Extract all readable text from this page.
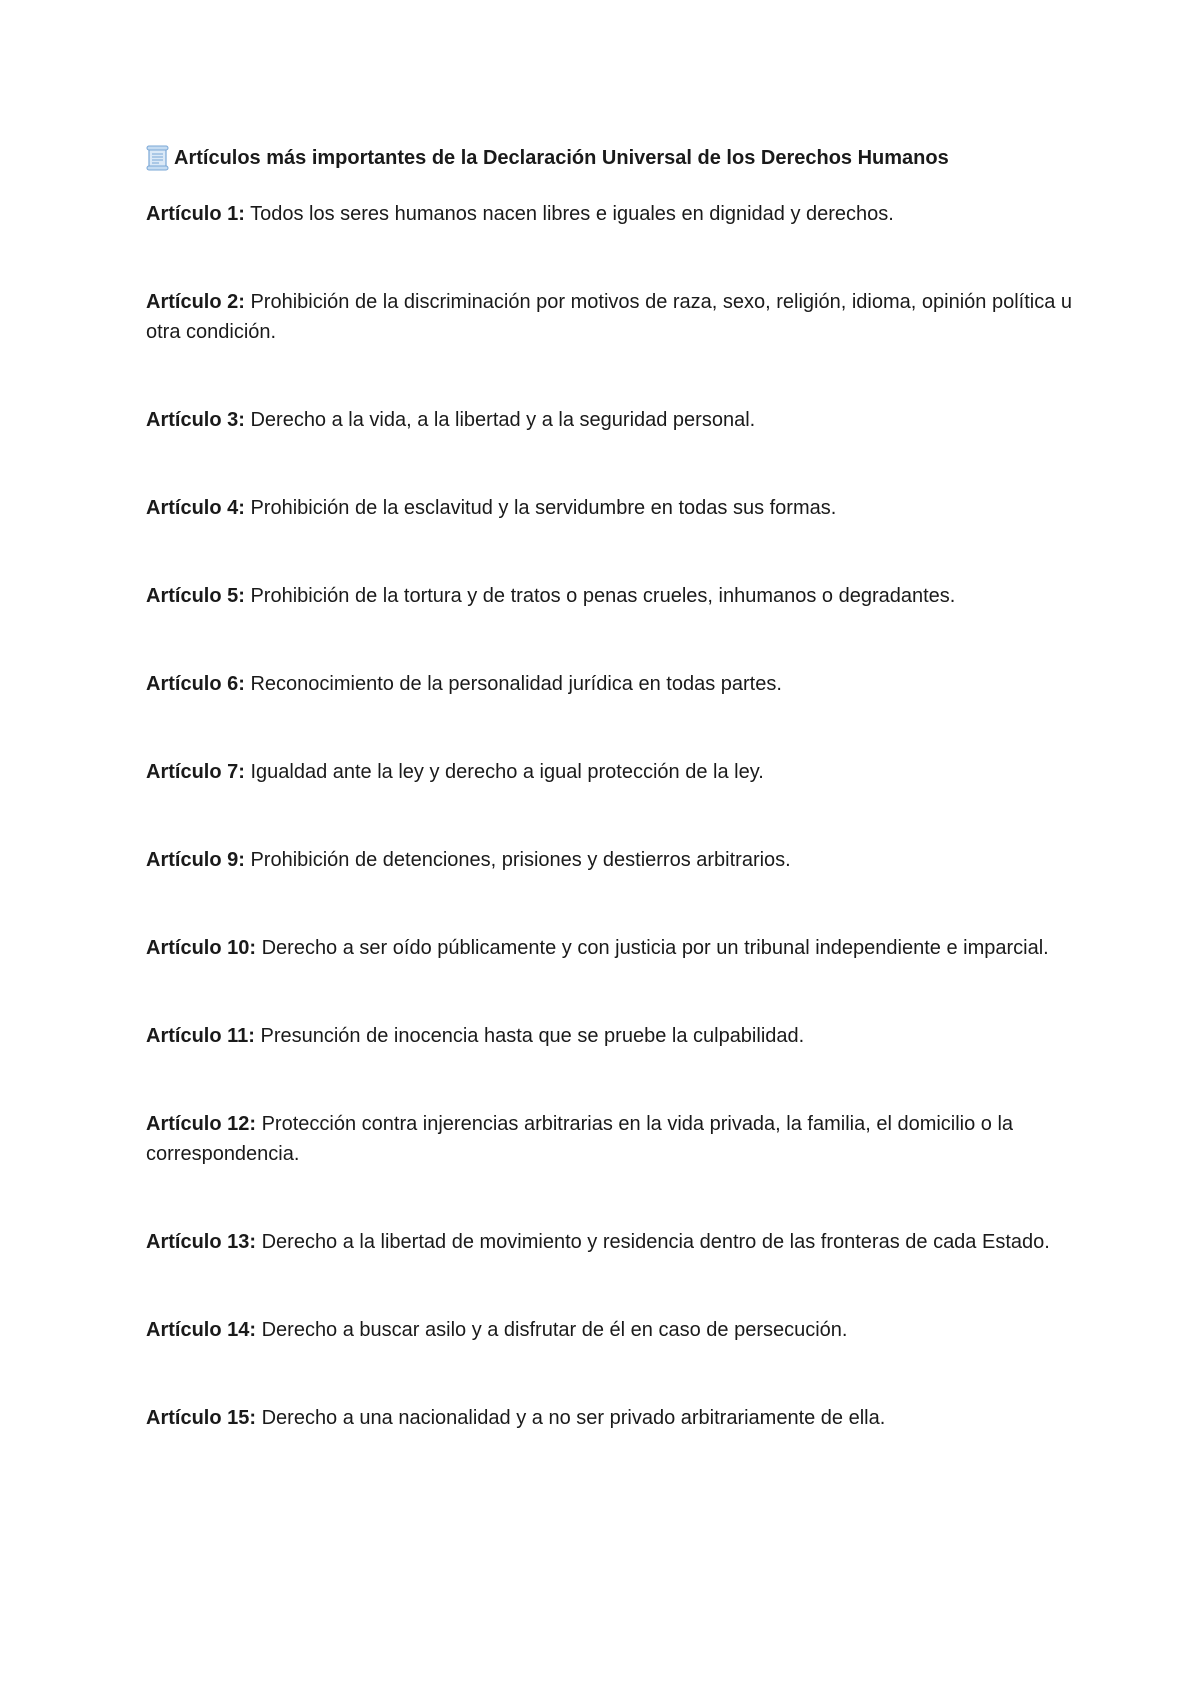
Artículos más importantes de la Declaración Universal de los Derechos Humanos

Artículo 1: Todos los seres humanos nacen libres e iguales en dignidad y derechos.

Artículo 2: Prohibición de la discriminación por motivos de raza, sexo, religión, idioma, opinión política u otra condición.

Artículo 3: Derecho a la vida, a la libertad y a la seguridad personal.

Artículo 4: Prohibición de la esclavitud y la servidumbre en todas sus formas.

Artículo 5: Prohibición de la tortura y de tratos o penas crueles, inhumanos o degradantes.

Artículo 6: Reconocimiento de la personalidad jurídica en todas partes.

Artículo 7: Igualdad ante la ley y derecho a igual protección de la ley.

Artículo 9: Prohibición de detenciones, prisiones y destierros arbitrarios.

Artículo 10: Derecho a ser oído públicamente y con justicia por un tribunal independiente e imparcial.

Artículo 11: Presunción de inocencia hasta que se pruebe la culpabilidad.

Artículo 12: Protección contra injerencias arbitrarias en la vida privada, la familia, el domicilio o la correspondencia.

Artículo 13: Derecho a la libertad de movimiento y residencia dentro de las fronteras de cada Estado.

Artículo 14: Derecho a buscar asilo y a disfrutar de él en caso de persecución.

Artículo 15: Derecho a una nacionalidad y a no ser privado arbitrariamente de ella.
